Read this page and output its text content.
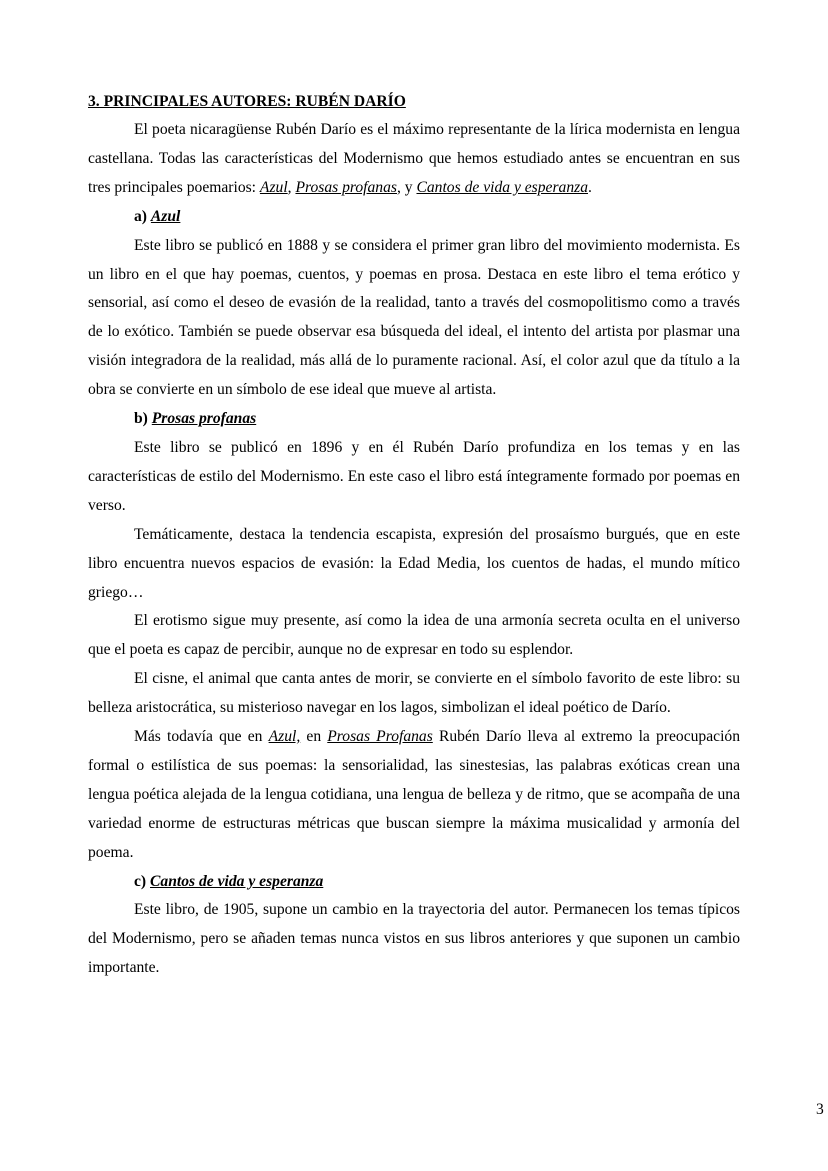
3. PRINCIPALES AUTORES: RUBÉN DARÍO

El poeta nicaragüense Rubén Darío es el máximo representante de la lírica modernista en lengua castellana. Todas las características del Modernismo que hemos estudiado antes se encuentran en sus tres principales poemarios: Azul, Prosas profanas, y Cantos de vida y esperanza.

a) Azul

Este libro se publicó en 1888 y se considera el primer gran libro del movimiento modernista. Es un libro en el que hay poemas, cuentos, y poemas en prosa. Destaca en este libro el tema erótico y sensorial, así como el deseo de evasión de la realidad, tanto a través del cosmopolitismo como a través de lo exótico. También se puede observar esa búsqueda del ideal, el intento del artista por plasmar una visión integradora de la realidad, más allá de lo puramente racional. Así, el color azul que da título a la obra se convierte en un símbolo de ese ideal que mueve al artista.

b) Prosas profanas

Este libro se publicó en 1896 y en él Rubén Darío profundiza en los temas y en las características de estilo del Modernismo. En este caso el libro está íntegramente formado por poemas en verso.

Temáticamente, destaca la tendencia escapista, expresión del prosaísmo burgués, que en este libro encuentra nuevos espacios de evasión: la Edad Media, los cuentos de hadas, el mundo mítico griego…

El erotismo sigue muy presente, así como la idea de una armonía secreta oculta en el universo que el poeta es capaz de percibir, aunque no de expresar en todo su esplendor.

El cisne, el animal que canta antes de morir, se convierte en el símbolo favorito de este libro: su belleza aristocrática, su misterioso navegar en los lagos, simbolizan el ideal poético de Darío.

Más todavía que en Azul, en Prosas Profanas Rubén Darío lleva al extremo la preocupación formal o estilística de sus poemas: la sensorialidad, las sinestesias, las palabras exóticas crean una lengua poética alejada de la lengua cotidiana, una lengua de belleza y de ritmo, que se acompaña de una variedad enorme de estructuras métricas que buscan siempre la máxima musicalidad y armonía del poema.

c) Cantos de vida y esperanza

Este libro, de 1905, supone un cambio en la trayectoria del autor. Permanecen los temas típicos del Modernismo, pero se añaden temas nunca vistos en sus libros anteriores y que suponen un cambio importante.

3
